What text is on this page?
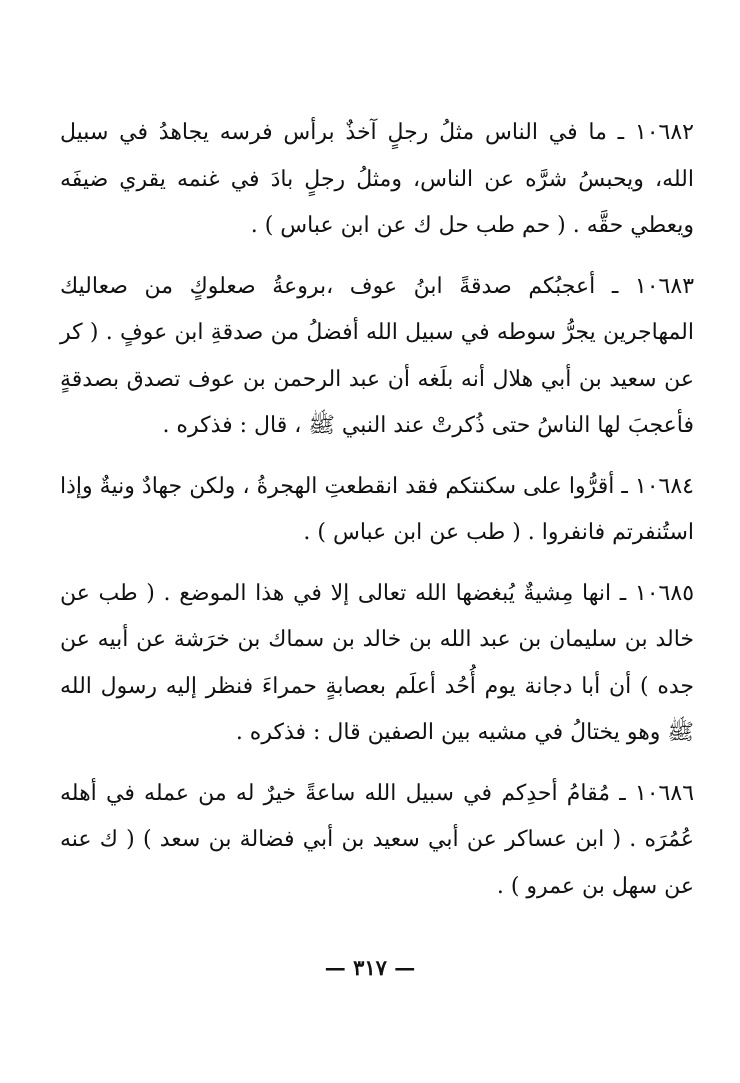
١٠٦٨٢ ـ ما في الناس مثلُ رجلٍ آخذٌ برأس فرسه يجاهدُ في سبيل الله، ويحبسُ شرَّه عن الناس، ومثلُ رجلٍ بادَ في غنمه يقري ضيفَه ويعطي حقَّه . ( حم طب حل ك عن ابن عباس ) .

١٠٦٨٣ ـ أعجبُكم صدقةً ابنُ عوف ،بروعةُ صعلوكٍ من صعاليك المهاجرين يجرُّ سوطه في سبيل الله أفضلُ من صدقةِ ابن عوفٍ . ( كر عن سعيد بن أبي هلال أنه بلَغه أن عبد الرحمن بن عوف تصدق بصدقةٍ فأعجبَ لها الناسُ حتى ذُكرتْ عند النبي ﷺ ، قال : فذكره .

١٠٦٨٤ ـ أقرُّوا على سكنتكم فقد انقطعتِ الهجرةُ ، ولكن جهادٌ ونيةٌ وإذا استُنفرتم فانفروا . ( طب عن ابن عباس ) .

١٠٦٨٥ ـ انها مِشيةٌ يُبغضها الله تعالى إلا في هذا الموضع . ( طب عن خالد بن سليمان بن عبد الله بن خالد بن سماك بن خرَشة عن أبيه عن جده ) أن أبا دجانة يوم أُحُد أعلَم بعصابةٍ حمراءَ فنظر إليه رسول الله ﷺ وهو يختالُ في مشيه بين الصفين قال : فذكره .

١٠٦٨٦ ـ مُقامُ أحدِكم في سبيل الله ساعةً خيرٌ له من عمله في أهله عُمُرَه . ( ابن عساكر عن أبي سعيد بن أبي فضالة بن سعد ) ( ك عنه عن سهل بن عمرو ) .

— ٣١٧ —
